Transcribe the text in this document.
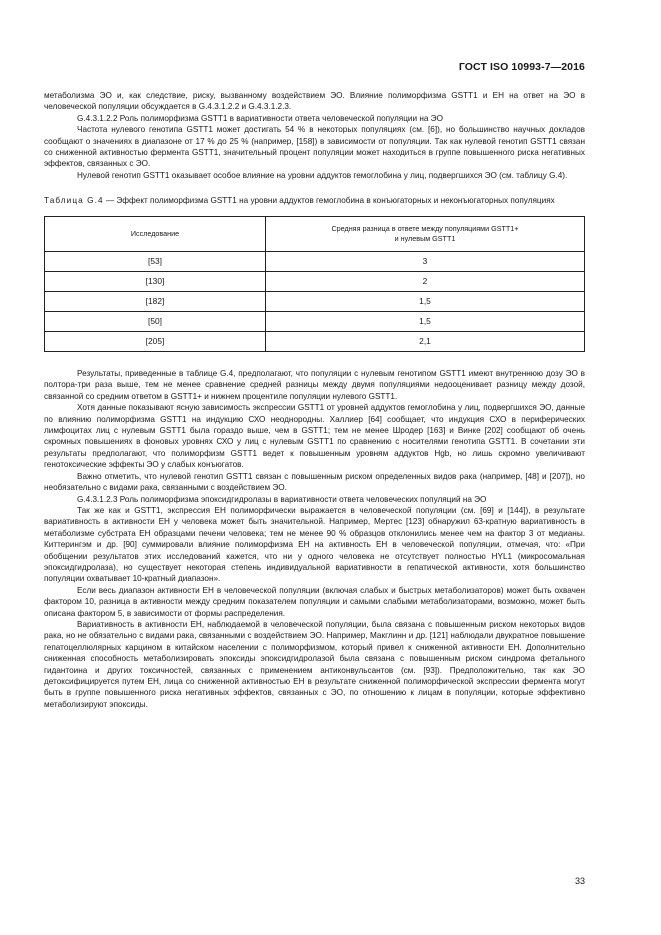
ГОСТ ISO 10993-7—2016

метаболизма ЭО и, как следствие, риску, вызванному воздействием ЭО. Влияние полиморфизма GSTT1 и ЕН на ответ на ЭО в человеческой популяции обсуждается в G.4.3.1.2.2 и G.4.3.1.2.3.

G.4.3.1.2.2 Роль полиморфизма GSTT1 в вариативности ответа человеческой популяции на ЭО

Частота нулевого генотипа GSTT1 может достигать 54 % в некоторых популяциях (см. [6]), но большинство научных докладов сообщают о значениях в диапазоне от 17 % до 25 % (например, [158]) в зависимости от популяции. Так как нулевой генотип GSTT1 связан со сниженной активностью фермента GSTT1, значительный процент популяции может находиться в группе повышенного риска негативных эффектов, связанных с ЭО.

Нулевой генотип GSTT1 оказывает особое влияние на уровни аддуктов гемоглобина у лиц, подвергшихся ЭО (см. таблицу G.4).

Таблица G.4 — Эффект полиморфизма GSTT1 на уровни аддуктов гемоглобина в конъюгаторных и неконъюгаторных популяциях
Исследование	Средняя разница в ответе между популяциями GSTT1+ и нулевым GSTT1

[53]	3
[130]	2
[182]	1,5
[50]	1,5
[205]	2,1

Результаты, приведенные в таблице G.4, предполагают, что популяции с нулевым генотипом GSTT1 имеют внутреннюю дозу ЭО в полтора-три раза выше, тем не менее сравнение средней разницы между двумя популяциями недооценивает разницу между дозой, связанной со средним ответом в GSTT1+ и нижнем процентиле популяции нулевого GSTT1.

Хотя данные показывают ясную зависимость экспрессии GSTT1 от уровней аддуктов гемоглобина у лиц, подвергшихся ЭО, данные по влиянию полиморфизма GSTT1 на индукцию СХО неоднородны. Халлиер [64] сообщает, что индукция СХО в периферических лимфоцитах лиц с нулевым GSTT1 была гораздо выше, чем в GSTT1; тем не менее Шродер [163] и Винке [202] сообщают об очень скромных повышениях в фоновых уровнях СХО у лиц с нулевым GSTT1 по сравнению с носителями генотипа GSTT1. В сочетании эти результаты предполагают, что полиморфизм GSTT1 ведет к повышенным уровням аддуктов Hgb, но лишь скромно увеличивают генотоксические эффекты ЭО у слабых конъюгатов.

Важно отметить, что нулевой генотип GSTT1 связан с повышенным риском определенных видов рака (например, [48] и [207]), но необязательно с видами рака, связанными с воздействием ЭО.

G.4.3.1.2.3 Роль полиморфизма эпоксидгидролазы в вариативности ответа человеческих популяций на ЭО

Так же как и GSTT1, экспрессия ЕН полиморфически выражается в человеческой популяции (см. [69] и [144]), в результате вариативность в активности ЕН у человека может быть значительной. Например, Мертес [123] обнаружил 63-кратную вариативность в метаболизме субстрата ЕН образцами печени человека; тем не менее 90 % образцов отклонились менее чем на фактор 3 от медианы. Киттерингэм и др. [90] суммировали влияние полиморфизма ЕН на активность ЕН в человеческой популяции, отмечая, что: «При обобщении результатов этих исследований кажется, что ни у одного человека не отсутствует полностью HYL1 (микросомальная эпоксидгидролаза), но существует некоторая степень индивидуальной вариативности в гепатической активности, хотя большинство популяции охватывает 10-кратный диапазон».

Если весь диапазон активности ЕН в человеческой популяции (включая слабых и быстрых метаболизаторов) может быть охвачен фактором 10, разница в активности между средним показателем популяции и самыми слабыми метаболизаторами, возможно, может быть описана фактором 5, в зависимости от формы распределения.

Вариативность в активности ЕН, наблюдаемой в человеческой популяции, была связана с повышенным риском некоторых видов рака, но не обязательно с видами рака, связанными с воздействием ЭО. Например, Макглинн и др. [121] наблюдали двукратное повышение гепатоцеллюлярных карцином в китайском населении с полиморфизмом, который привел к сниженной активности ЕН. Дополнительно сниженная способность метаболизировать эпоксиды эпоксидгидролазой была связана с повышенным риском синдрома фетального гидантоина и других токсичностей, связанных с применением антиконвульсантов (см. [93]). Предположительно, так как ЭО детоксифицируется путем ЕН, лица со сниженной активностью ЕН в результате сниженной полиморфической экспрессии фермента могут быть в группе повышенного риска негативных эффектов, связанных с ЭО, по отношению к лицам в популяции, которые эффективно метаболизируют эпоксиды.

33
